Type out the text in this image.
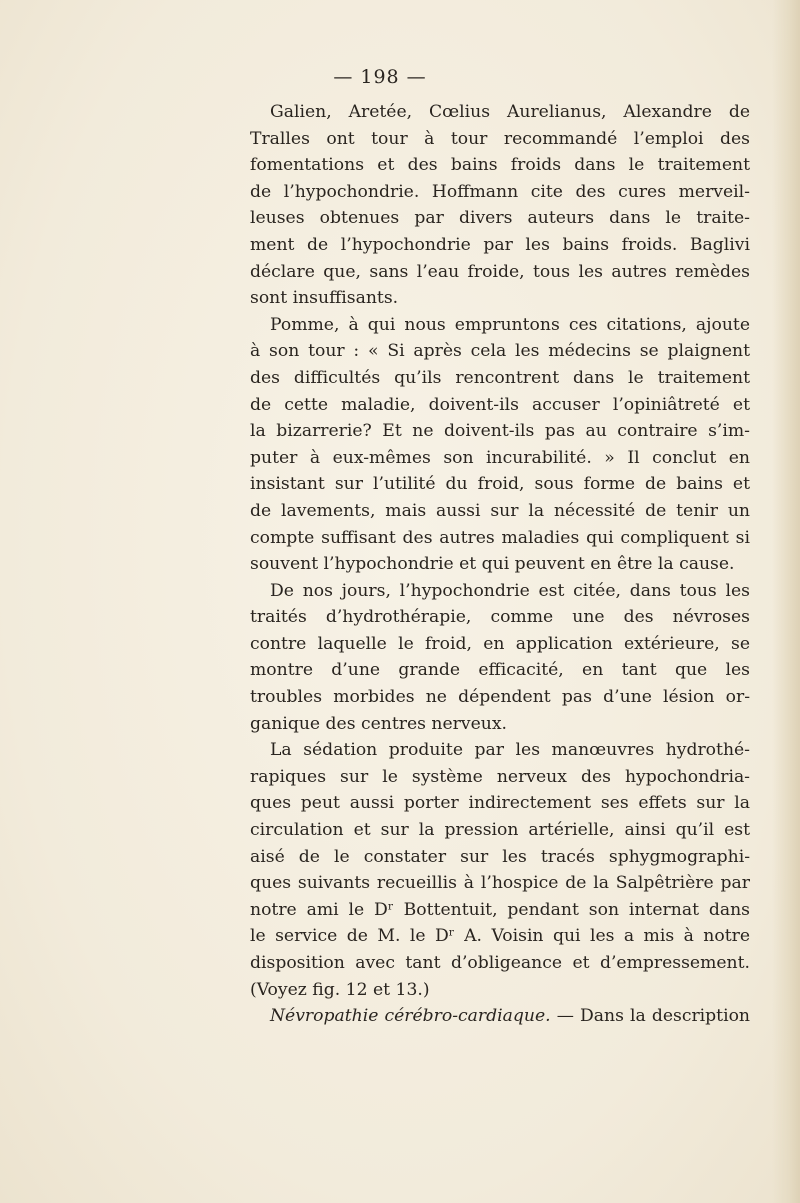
— 198 —
Galien, Aretée, Cœlius Aurelianus, Alexandre de
Tralles ont tour à tour recommandé l’emploi des
fomentations et des bains froids dans le traitement
de l’hypochondrie. Hoffmann cite des cures merveil-
leuses obtenues par divers auteurs dans le traite-
ment de l’hypochondrie par les bains froids. Baglivi
déclare que, sans l’eau froide, tous les autres remèdes
sont insuffisants.
Pomme, à qui nous empruntons ces citations, ajoute
à son tour : « Si après cela les médecins se plaignent
des difficultés qu’ils rencontrent dans le traitement
de cette maladie, doivent-ils accuser l’opiniâtreté et
la bizarrerie? Et ne doivent-ils pas au contraire s’im-
puter à eux-mêmes son incurabilité. » Il conclut en
insistant sur l’utilité du froid, sous forme de bains et
de lavements, mais aussi sur la nécessité de tenir un
compte suffisant des autres maladies qui compliquent si
souvent l’hypochondrie et qui peuvent en être la cause.
De nos jours, l’hypochondrie est citée, dans tous les
traités d’hydrothérapie, comme une des névroses
contre laquelle le froid, en application extérieure, se
montre d’une grande efficacité, en tant que les
troubles morbides ne dépendent pas d’une lésion or-
ganique des centres nerveux.
La sédation produite par les manœuvres hydrothé-
rapiques sur le système nerveux des hypochondria-
ques peut aussi porter indirectement ses effets sur la
circulation et sur la pression artérielle, ainsi qu’il est
aisé de le constater sur les tracés sphygmographi-
ques suivants recueillis à l’hospice de la Salpêtrière par
notre ami le Dʳ Bottentuit, pendant son internat dans
le service de M. le Dʳ A. Voisin qui les a mis à notre
disposition avec tant d’obligeance et d’empressement.
(Voyez fig. 12 et 13.)
Névropathie cérébro-cardiaque. — Dans la description
